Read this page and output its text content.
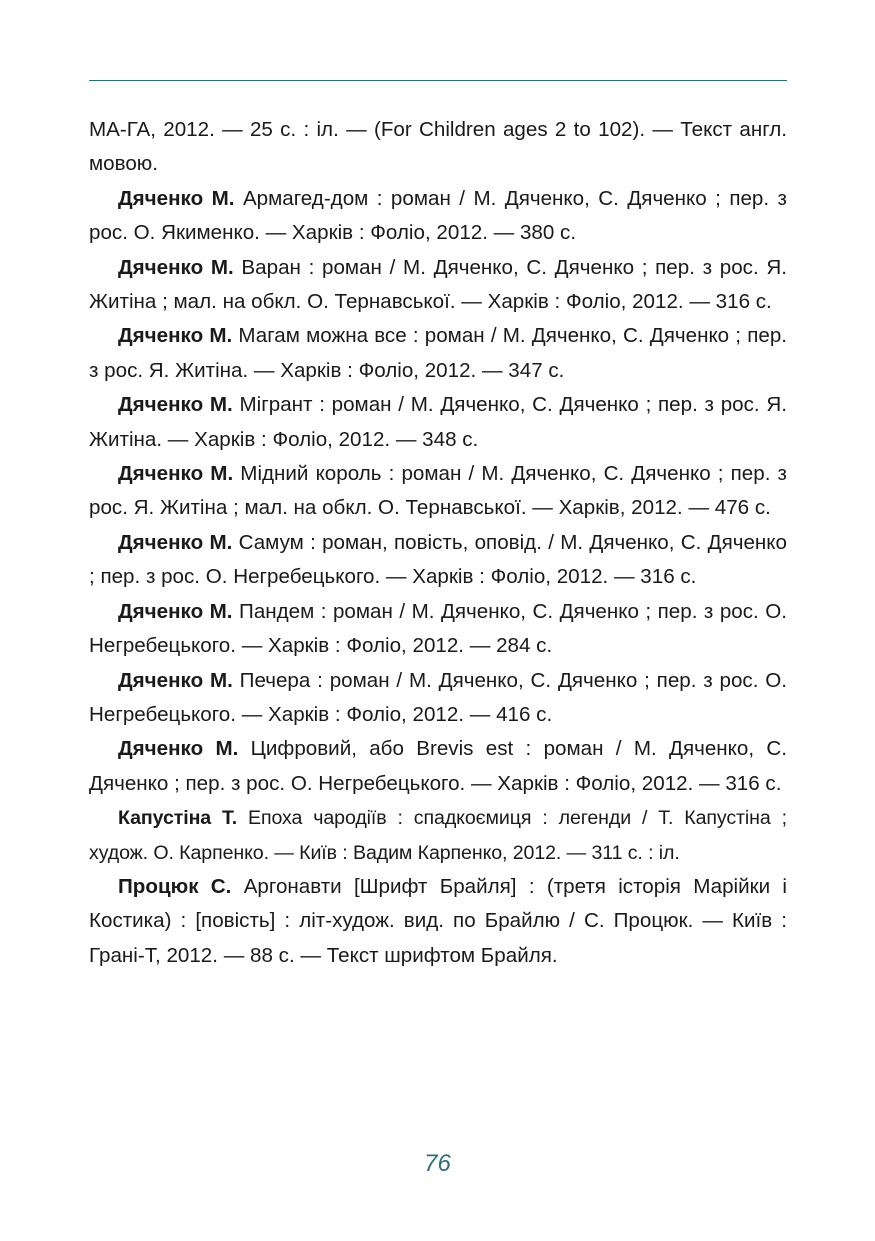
МА-ГА, 2012. — 25 с. : іл. — (For Children ages 2 to 102). — Текст англ. мовою.

Дяченко М. Армагед-дом : роман / М. Дяченко, С. Дяченко ; пер. з рос. О. Якименко. — Харків : Фоліо, 2012. — 380 с.

Дяченко М. Варан : роман / М. Дяченко, С. Дяченко ; пер. з рос. Я. Житіна ; мал. на обкл. О. Тернавської. — Харків : Фоліо, 2012. — 316 с.

Дяченко М. Магам можна все : роман / М. Дяченко, С. Дяченко ; пер. з рос. Я. Житіна. — Харків : Фоліо, 2012. — 347 с.

Дяченко М. Мігрант : роман / М. Дяченко, С. Дяченко ; пер. з рос. Я. Житіна. — Харків : Фоліо, 2012. — 348 с.

Дяченко М. Мідний король : роман / М. Дяченко, С. Дяченко ; пер. з рос. Я. Житіна ; мал. на обкл. О. Тернавської. — Харків, 2012. — 476 с.

Дяченко М. Самум : роман, повість, оповід. / М. Дяченко, С. Дяченко ; пер. з рос. О. Негребецького. — Харків : Фоліо, 2012. — 316 с.

Дяченко М. Пандем : роман / М. Дяченко, С. Дяченко ; пер. з рос. О. Негребецького. — Харків : Фоліо, 2012. — 284 с.

Дяченко М. Печера : роман / М. Дяченко, С. Дяченко ; пер. з рос. О. Негребецького. — Харків : Фоліо, 2012. — 416 с.

Дяченко М. Цифровий, або Brevis est : роман / М. Дяченко, С. Дяченко ; пер. з рос. О. Негребецького. — Харків : Фоліо, 2012. — 316 с.

Капустіна Т. Епоха чародіїв : спадкоємиця : легенди / Т. Капустіна ; худож. О. Карпенко. — Київ : Вадим Карпенко, 2012. — 311 с. : іл.

Процюк С. Аргонавти [Шрифт Брайля] : (третя історія Марійки і Костика) : [повість] : літ-худож. вид. по Брайлю / С. Процюк. — Київ : Грані-Т, 2012. — 88 с. — Текст шрифтом Брайля.

76
